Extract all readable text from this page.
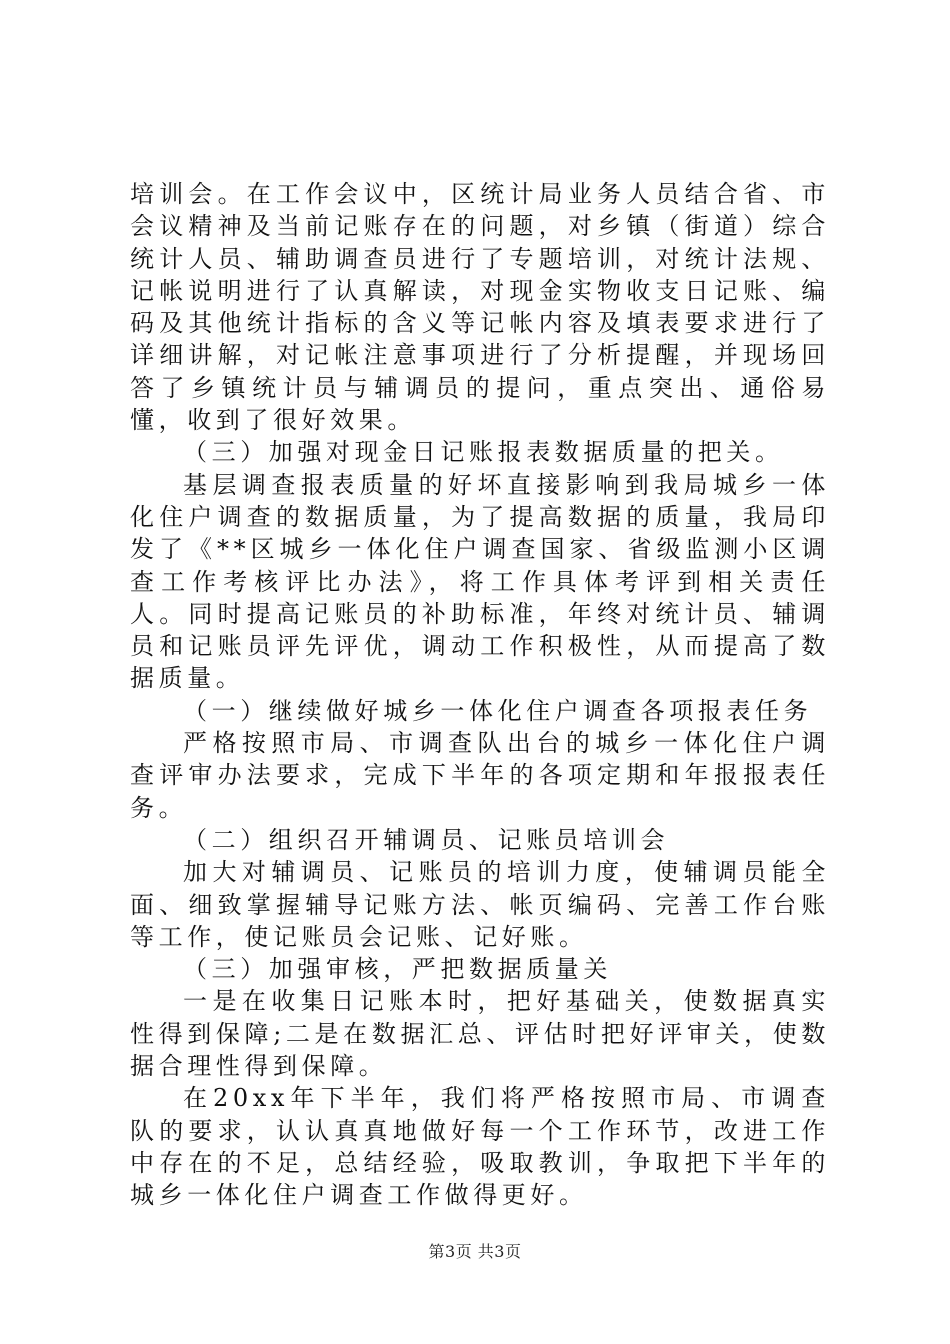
培训会。在工作会议中，区统计局业务人员结合省、市会议精神及当前记账存在的问题，对乡镇（街道）综合统计人员、辅助调查员进行了专题培训，对统计法规、记帐说明进行了认真解读，对现金实物收支日记账、编码及其他统计指标的含义等记帐内容及填表要求进行了详细讲解，对记帐注意事项进行了分析提醒，并现场回答了乡镇统计员与辅调员的提问，重点突出、通俗易懂，收到了很好效果。

（三）加强对现金日记账报表数据质量的把关。

基层调查报表质量的好坏直接影响到我局城乡一体化住户调查的数据质量，为了提高数据的质量，我局印发了《**区城乡一体化住户调查国家、省级监测小区调查工作考核评比办法》，将工作具体考评到相关责任人。同时提高记账员的补助标准，年终对统计员、辅调员和记账员评先评优，调动工作积极性，从而提高了数据质量。

（一）继续做好城乡一体化住户调查各项报表任务

严格按照市局、市调查队出台的城乡一体化住户调查评审办法要求，完成下半年的各项定期和年报报表任务。

（二）组织召开辅调员、记账员培训会

加大对辅调员、记账员的培训力度，使辅调员能全面、细致掌握辅导记账方法、帐页编码、完善工作台账等工作，使记账员会记账、记好账。

（三）加强审核，严把数据质量关

一是在收集日记账本时，把好基础关，使数据真实性得到保障;二是在数据汇总、评估时把好评审关，使数据合理性得到保障。

在20xx年下半年，我们将严格按照市局、市调查队的要求，认认真真地做好每一个工作环节，改进工作中存在的不足，总结经验，吸取教训，争取把下半年的城乡一体化住户调查工作做得更好。

第3页 共3页
